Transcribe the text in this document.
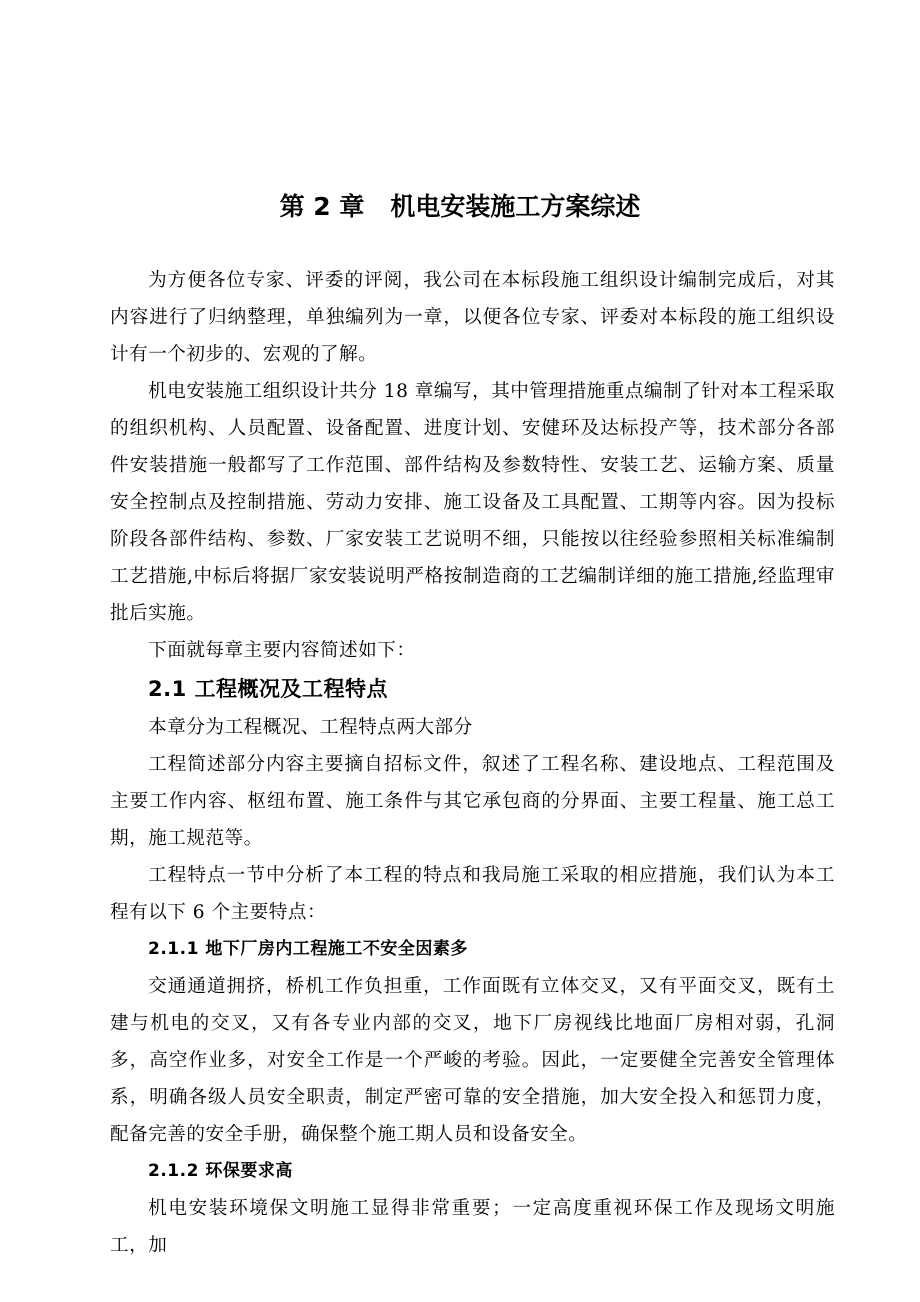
第 2 章 机电安装施工方案综述

为方便各位专家、评委的评阅，我公司在本标段施工组织设计编制完成后，对其内容进行了归纳整理，单独编列为一章，以便各位专家、评委对本标段的施工组织设计有一个初步的、宏观的了解。

机电安装施工组织设计共分 18 章编写，其中管理措施重点编制了针对本工程采取的组织机构、人员配置、设备配置、进度计划、安健环及达标投产等，技术部分各部件安装措施一般都写了工作范围、部件结构及参数特性、安装工艺、运输方案、质量安全控制点及控制措施、劳动力安排、施工设备及工具配置、工期等内容。因为投标阶段各部件结构、参数、厂家安装工艺说明不细，只能按以往经验参照相关标准编制工艺措施,中标后将据厂家安装说明严格按制造商的工艺编制详细的施工措施,经监理审批后实施。

下面就每章主要内容简述如下：

2.1 工程概况及工程特点

本章分为工程概况、工程特点两大部分

工程简述部分内容主要摘自招标文件，叙述了工程名称、建设地点、工程范围及主要工作内容、枢纽布置、施工条件与其它承包商的分界面、主要工程量、施工总工期，施工规范等。

工程特点一节中分析了本工程的特点和我局施工采取的相应措施，我们认为本工程有以下 6 个主要特点：

2.1.1 地下厂房内工程施工不安全因素多

交通通道拥挤，桥机工作负担重，工作面既有立体交叉，又有平面交叉，既有土建与机电的交叉，又有各专业内部的交叉，地下厂房视线比地面厂房相对弱，孔洞多，高空作业多，对安全工作是一个严峻的考验。因此，一定要健全完善安全管理体系，明确各级人员安全职责，制定严密可靠的安全措施，加大安全投入和惩罚力度，配备完善的安全手册，确保整个施工期人员和设备安全。

2.1.2 环保要求高

机电安装环境保文明施工显得非常重要；一定高度重视环保工作及现场文明施工，加
